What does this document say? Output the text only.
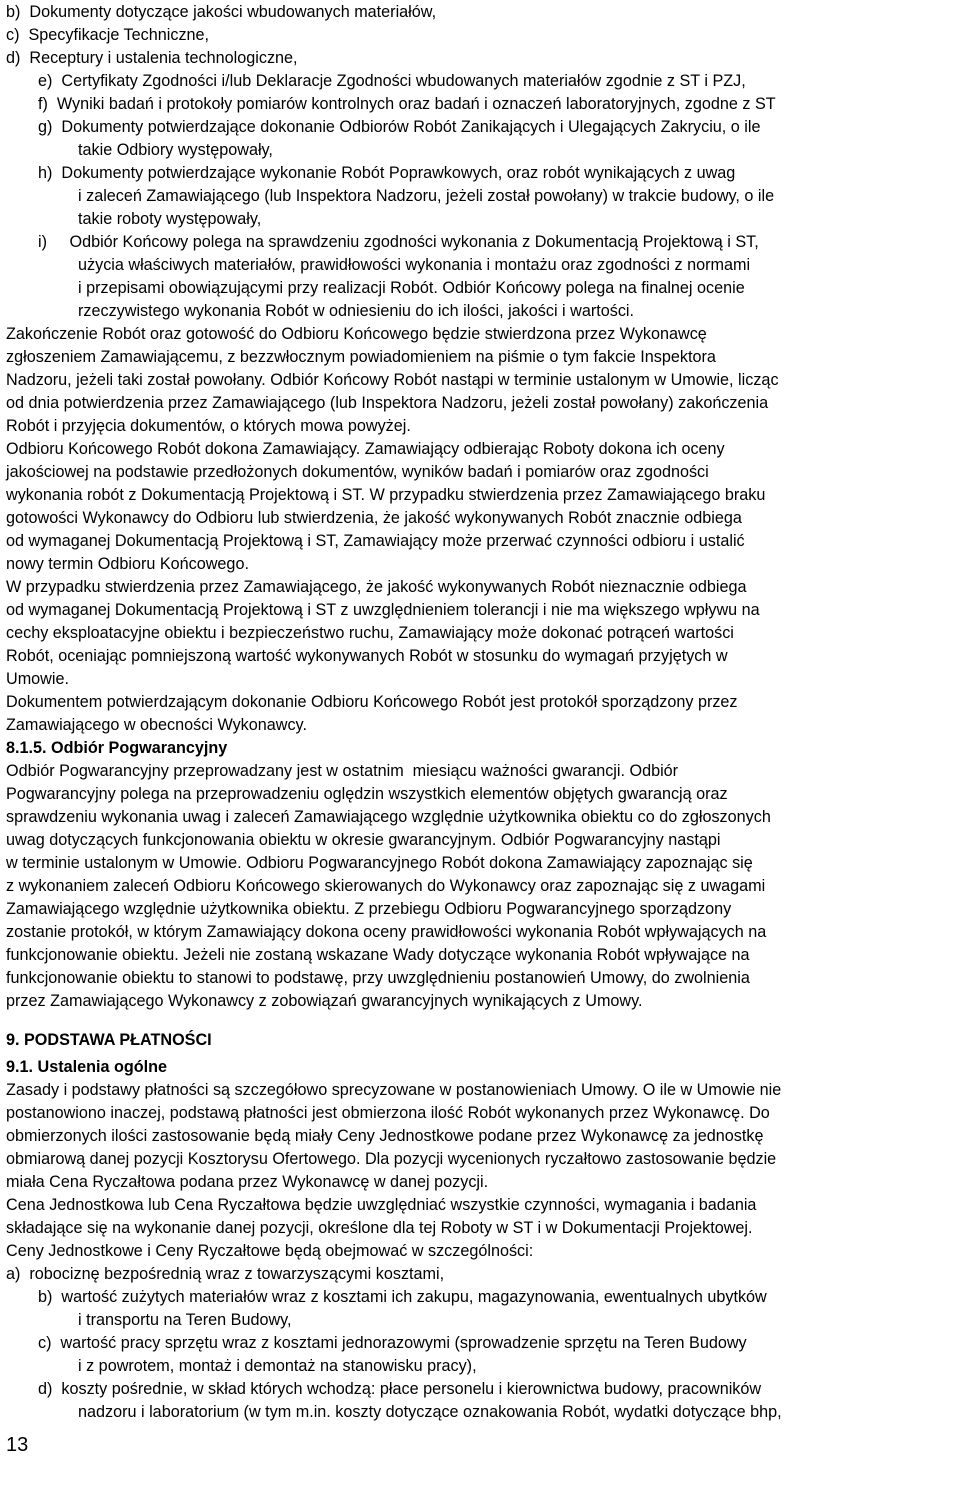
b)  Dokumenty dotyczące jakości wbudowanych materiałów,
c)  Specyfikacje Techniczne,
d)  Receptury i ustalenia technologiczne,
e)  Certyfikaty Zgodności i/lub Deklaracje Zgodności wbudowanych materiałów zgodnie z ST i PZJ,
f)  Wyniki badań i protokoły pomiarów kontrolnych oraz badań i oznaczeń laboratoryjnych, zgodne z ST
g)  Dokumenty potwierdzające dokonanie Odbiorów Robót Zanikających i Ulegających Zakryciu, o ile
takie Odbiory występowały,
h)  Dokumenty potwierdzające wykonanie Robót Poprawkowych, oraz robót wynikających z uwag
i zaleceń Zamawiającego (lub Inspektora Nadzoru, jeżeli został powołany) w trakcie budowy, o ile
takie roboty występowały,
i)     Odbiór Końcowy polega na sprawdzeniu zgodności wykonania z Dokumentacją Projektową i ST,
użycia właściwych materiałów, prawidłowości wykonania i montażu oraz zgodności z normami
i przepisami obowiązującymi przy realizacji Robót. Odbiór Końcowy polega na finalnej ocenie
rzeczywistego wykonania Robót w odniesieniu do ich ilości, jakości i wartości.
Zakończenie Robót oraz gotowość do Odbioru Końcowego będzie stwierdzona przez Wykonawcę
zgłoszeniem Zamawiającemu, z bezzwłocznym powiadomieniem na piśmie o tym fakcie Inspektora
Nadzoru, jeżeli taki został powołany. Odbiór Końcowy Robót nastąpi w terminie ustalonym w Umowie, licząc
od dnia potwierdzenia przez Zamawiającego (lub Inspektora Nadzoru, jeżeli został powołany) zakończenia
Robót i przyjęcia dokumentów, o których mowa powyżej.
Odbioru Końcowego Robót dokona Zamawiający. Zamawiający odbierając Roboty dokona ich oceny
jakościowej na podstawie przedłożonych dokumentów, wyników badań i pomiarów oraz zgodności
wykonania robót z Dokumentacją Projektową i ST. W przypadku stwierdzenia przez Zamawiającego braku
gotowości Wykonawcy do Odbioru lub stwierdzenia, że jakość wykonywanych Robót znacznie odbiega
od wymaganej Dokumentacją Projektową i ST, Zamawiający może przerwać czynności odbioru i ustalić
nowy termin Odbioru Końcowego.
W przypadku stwierdzenia przez Zamawiającego, że jakość wykonywanych Robót nieznacznie odbiega
od wymaganej Dokumentacją Projektową i ST z uwzględnieniem tolerancji i nie ma większego wpływu na
cechy eksploatacyjne obiektu i bezpieczeństwo ruchu, Zamawiający może dokonać potrąceń wartości
Robót, oceniając pomniejszoną wartość wykonywanych Robót w stosunku do wymagań przyjętych w
Umowie.
Dokumentem potwierdzającym dokonanie Odbioru Końcowego Robót jest protokół sporządzony przez
Zamawiającego w obecności Wykonawcy.
8.1.5. Odbiór Pogwarancyjny
Odbiór Pogwarancyjny przeprowadzany jest w ostatnim  miesiącu ważności gwarancji. Odbiór
Pogwarancyjny polega na przeprowadzeniu oględzin wszystkich elementów objętych gwarancją oraz
sprawdzeniu wykonania uwag i zaleceń Zamawiającego względnie użytkownika obiektu co do zgłoszonych
uwag dotyczących funkcjonowania obiektu w okresie gwarancyjnym. Odbiór Pogwarancyjny nastąpi
w terminie ustalonym w Umowie. Odbioru Pogwarancyjnego Robót dokona Zamawiający zapoznając się
z wykonaniem zaleceń Odbioru Końcowego skierowanych do Wykonawcy oraz zapoznając się z uwagami
Zamawiającego względnie użytkownika obiektu. Z przebiegu Odbioru Pogwarancyjnego sporządzony
zostanie protokół, w którym Zamawiający dokona oceny prawidłowości wykonania Robót wpływających na
funkcjonowanie obiektu. Jeżeli nie zostaną wskazane Wady dotyczące wykonania Robót wpływające na
funkcjonowanie obiektu to stanowi to podstawę, przy uwzględnieniu postanowień Umowy, do zwolnienia
przez Zamawiającego Wykonawcy z zobowiązań gwarancyjnych wynikających z Umowy.
9. PODSTAWA PŁATNOŚCI
9.1. Ustalenia ogólne
Zasady i podstawy płatności są szczegółowo sprecyzowane w postanowieniach Umowy. O ile w Umowie nie
postanowiono inaczej, podstawą płatności jest obmierzona ilość Robót wykonanych przez Wykonawcę. Do
obmierzonych ilości zastosowanie będą miały Ceny Jednostkowe podane przez Wykonawcę za jednostkę
obmiarową danej pozycji Kosztorysu Ofertowego. Dla pozycji wycenionych ryczałtowo zastosowanie będzie
miała Cena Ryczałtowa podana przez Wykonawcę w danej pozycji.
Cena Jednostkowa lub Cena Ryczałtowa będzie uwzględniać wszystkie czynności, wymagania i badania
składające się na wykonanie danej pozycji, określone dla tej Roboty w ST i w Dokumentacji Projektowej.
Ceny Jednostkowe i Ceny Ryczałtowe będą obejmować w szczególności:
a)  robociznę bezpośrednią wraz z towarzyszącymi kosztami,
b)  wartość zużytych materiałów wraz z kosztami ich zakupu, magazynowania, ewentualnych ubytków
i transportu na Teren Budowy,
c)  wartość pracy sprzętu wraz z kosztami jednorazowymi (sprowadzenie sprzętu na Teren Budowy
i z powrotem, montaż i demontaż na stanowisku pracy),
d)  koszty pośrednie, w skład których wchodzą: płace personelu i kierownictwa budowy, pracowników
nadzoru i laboratorium (w tym m.in. koszty dotyczące oznakowania Robót, wydatki dotyczące bhp,
13
